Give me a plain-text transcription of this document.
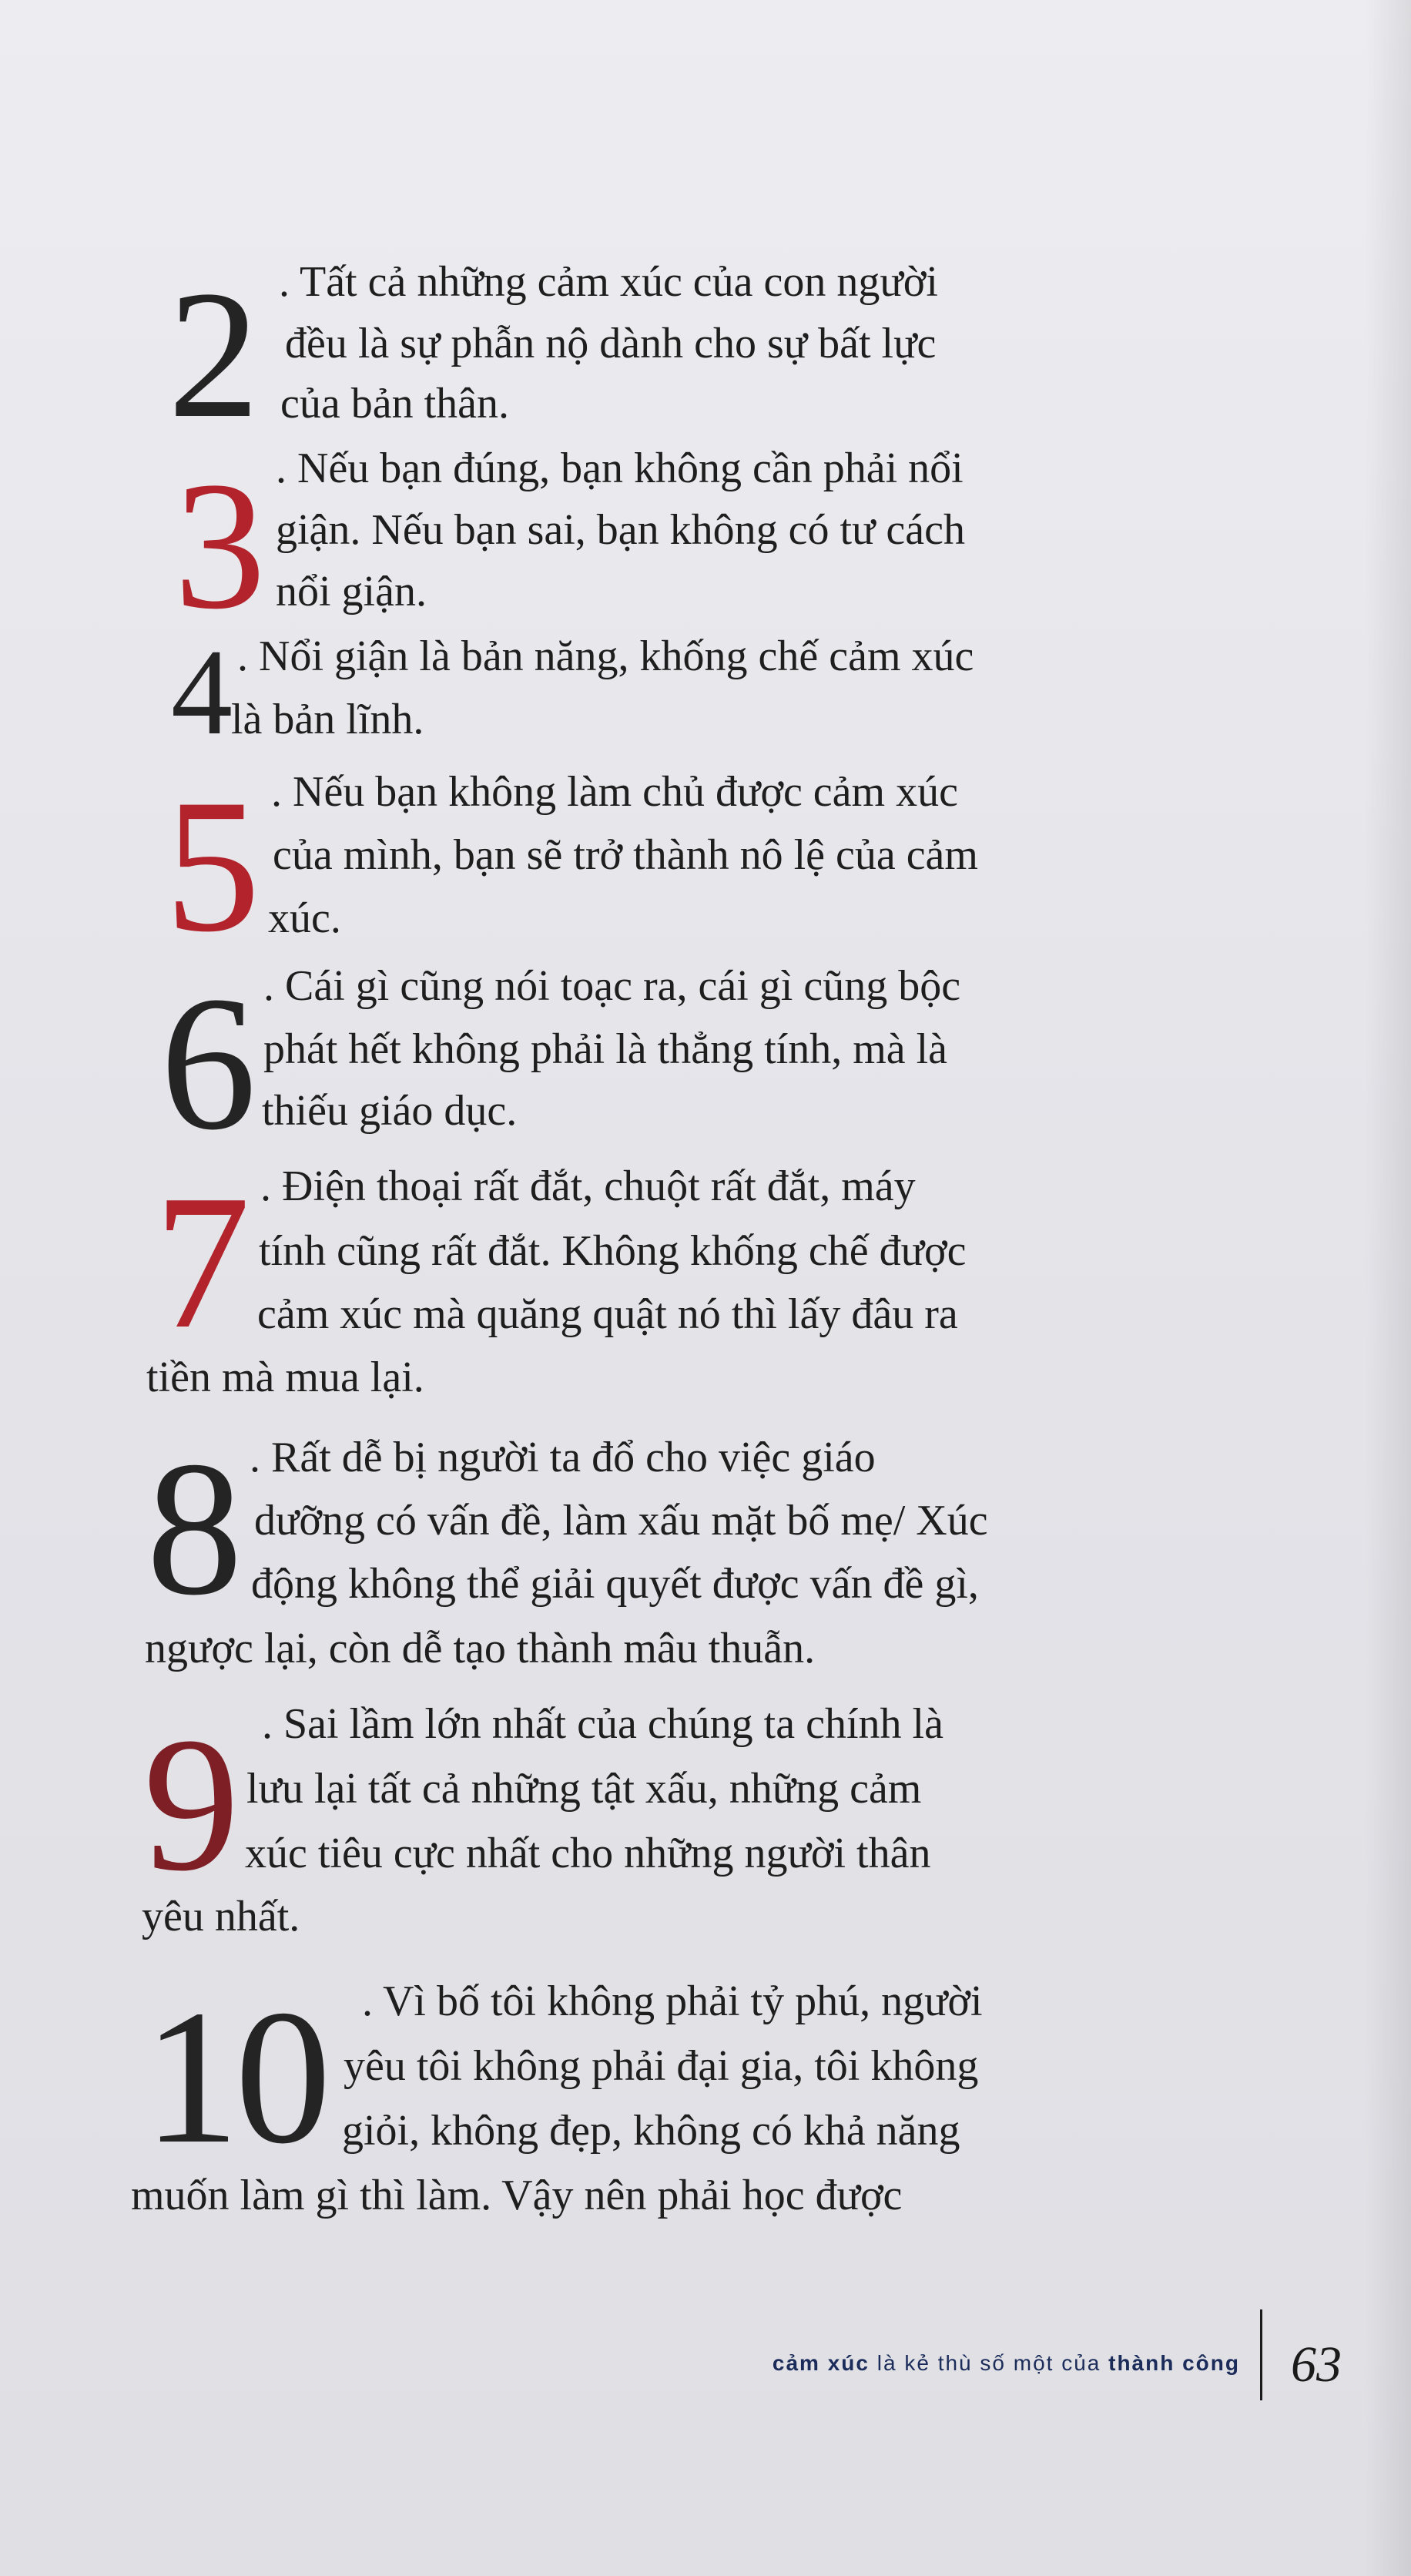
2 . Tất cả những cảm xúc của con người
đều là sự phẫn nộ dành cho sự bất lực
của bản thân.
3 . Nếu bạn đúng, bạn không cần phải nổi
giận. Nếu bạn sai, bạn không có tư cách
nổi giận.
4 . Nổi giận là bản năng, khống chế cảm xúc
là bản lĩnh.
5 . Nếu bạn không làm chủ được cảm xúc
của mình, bạn sẽ trở thành nô lệ của cảm
xúc.
6 . Cái gì cũng nói toạc ra, cái gì cũng bộc
phát hết không phải là thẳng tính, mà là
thiếu giáo dục.
7 . Điện thoại rất đắt, chuột rất đắt, máy
tính cũng rất đắt. Không khống chế được
cảm xúc mà quăng quật nó thì lấy đâu ra
tiền mà mua lại.
8 . Rất dễ bị người ta đổ cho việc giáo
dưỡng có vấn đề, làm xấu mặt bố mẹ/ Xúc
động không thể giải quyết được vấn đề gì,
ngược lại, còn dễ tạo thành mâu thuẫn.
9 . Sai lầm lớn nhất của chúng ta chính là
lưu lại tất cả những tật xấu, những cảm
xúc tiêu cực nhất cho những người thân
yêu nhất.
10 . Vì bố tôi không phải tỷ phú, người
yêu tôi không phải đại gia, tôi không
giỏi, không đẹp, không có khả năng
muốn làm gì thì làm. Vậy nên phải học được
cảm xúc là kẻ thù số một của thành công 63
